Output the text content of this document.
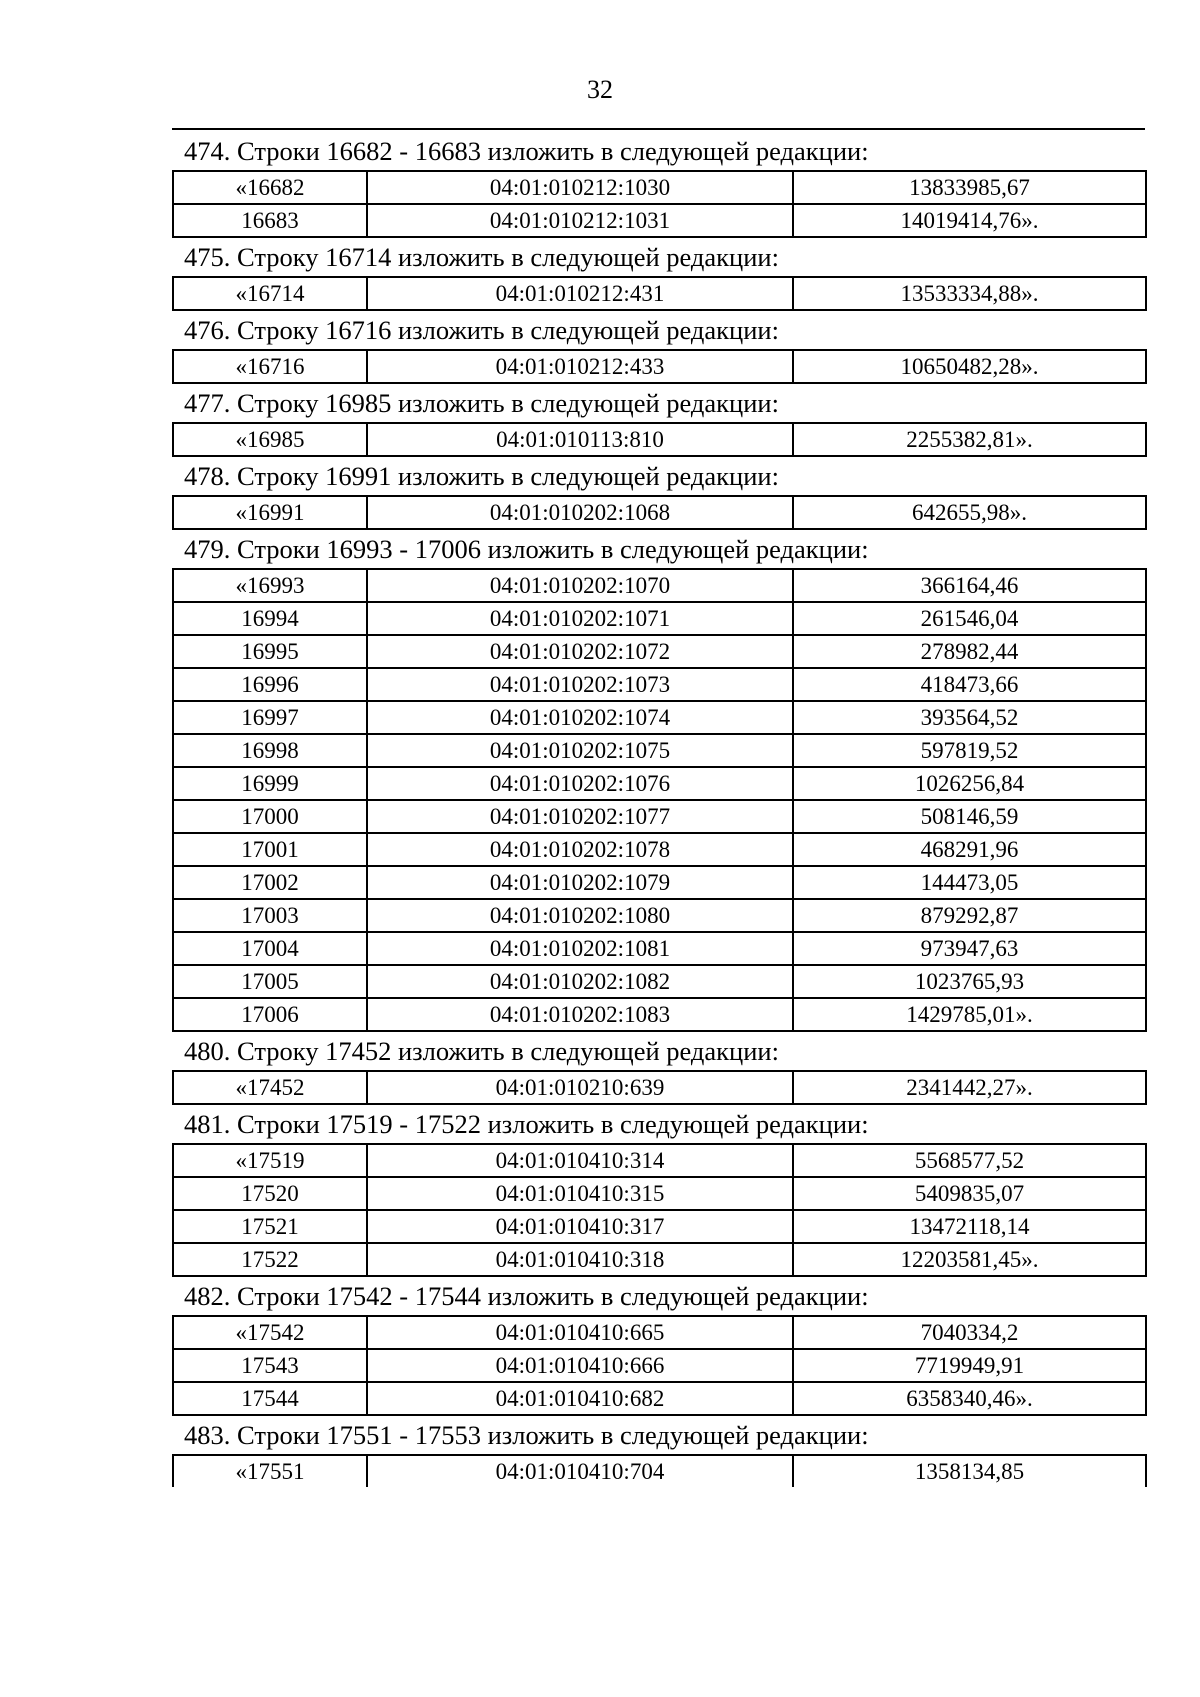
32
474. Строки 16682 - 16683 изложить в следующей редакции:
«16682	04:01:010212:1030	13833985,67
16683	04:01:010212:1031	14019414,76».
475. Строку 16714 изложить в следующей редакции:
«16714	04:01:010212:431	13533334,88».
476. Строку 16716 изложить в следующей редакции:
«16716	04:01:010212:433	10650482,28».
477. Строку 16985 изложить в следующей редакции:
«16985	04:01:010113:810	2255382,81».
478. Строку 16991 изложить в следующей редакции:
«16991	04:01:010202:1068	642655,98».
479. Строки 16993 - 17006 изложить в следующей редакции:
«16993	04:01:010202:1070	366164,46
16994	04:01:010202:1071	261546,04
16995	04:01:010202:1072	278982,44
16996	04:01:010202:1073	418473,66
16997	04:01:010202:1074	393564,52
16998	04:01:010202:1075	597819,52
16999	04:01:010202:1076	1026256,84
17000	04:01:010202:1077	508146,59
17001	04:01:010202:1078	468291,96
17002	04:01:010202:1079	144473,05
17003	04:01:010202:1080	879292,87
17004	04:01:010202:1081	973947,63
17005	04:01:010202:1082	1023765,93
17006	04:01:010202:1083	1429785,01».
480. Строку 17452 изложить в следующей редакции:
«17452	04:01:010210:639	2341442,27».
481. Строки 17519 - 17522 изложить в следующей редакции:
«17519	04:01:010410:314	5568577,52
17520	04:01:010410:315	5409835,07
17521	04:01:010410:317	13472118,14
17522	04:01:010410:318	12203581,45».
482. Строки 17542 - 17544 изложить в следующей редакции:
«17542	04:01:010410:665	7040334,2
17543	04:01:010410:666	7719949,91
17544	04:01:010410:682	6358340,46».
483. Строки 17551 - 17553 изложить в следующей редакции:
«17551	04:01:010410:704	1358134,85
